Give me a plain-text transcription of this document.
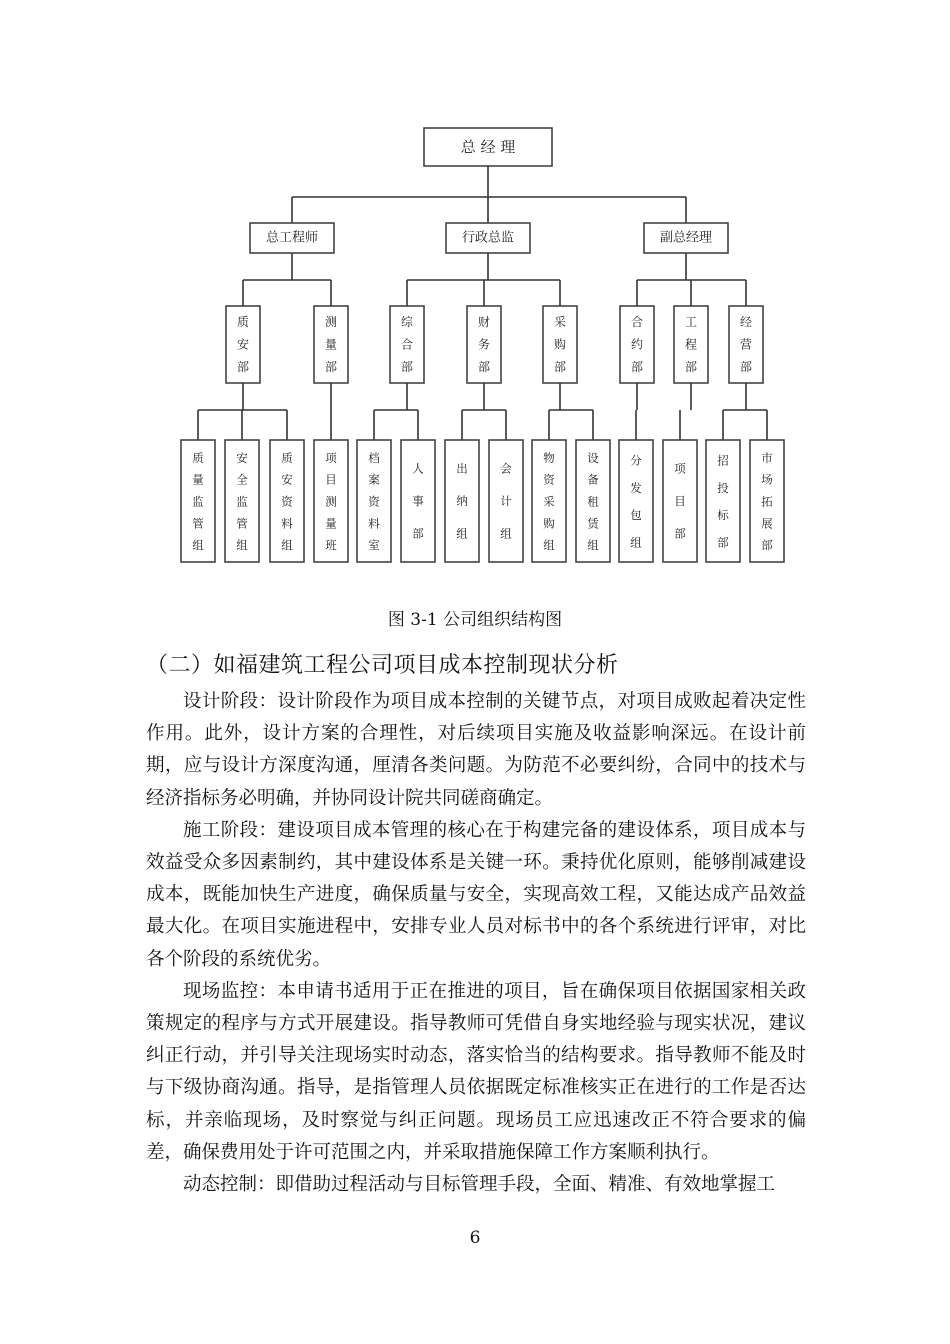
总 经 理
总工程师	行政总监	副总经理
质
安
部
测
量
部
综
合
部
财
务
部
采
购
部
合
约
部
工
程
部
经
营
部
质
量
监
管
组
安
全
监
管
组
质
安
资
料
组
项
目
测
量
班
档
案
资
料
室
人
事
部
出
纳
组
会
计
组
物
资
采
购
组
设
备
租
赁
组
分
发
包
组
项
目
部
招
投
标
部
市
场
拓
展
部
图 3-1 公司组织结构图
（二）如福建筑工程公司项目成本控制现状分析

设计阶段：设计阶段作为项目成本控制的关键节点，对项目成败起着决定性作用。此外，设计方案的合理性，对后续项目实施及收益影响深远。在设计前期，应与设计方深度沟通，厘清各类问题。为防范不必要纠纷，合同中的技术与经济指标务必明确，并协同设计院共同磋商确定。

施工阶段：建设项目成本管理的核心在于构建完备的建设体系，项目成本与效益受众多因素制约，其中建设体系是关键一环。秉持优化原则，能够削减建设成本，既能加快生产进度，确保质量与安全，实现高效工程，又能达成产品效益最大化。在项目实施进程中，安排专业人员对标书中的各个系统进行评审，对比各个阶段的系统优劣。

现场监控：本申请书适用于正在推进的项目，旨在确保项目依据国家相关政策规定的程序与方式开展建设。指导教师可凭借自身实地经验与现实状况，建议纠正行动，并引导关注现场实时动态，落实恰当的结构要求。指导教师不能及时与下级协商沟通。指导，是指管理人员依据既定标准核实正在进行的工作是否达标，并亲临现场，及时察觉与纠正问题。现场员工应迅速改正不符合要求的偏差，确保费用处于许可范围之内，并采取措施保障工作方案顺利执行。

动态控制：即借助过程活动与目标管理手段，全面、精准、有效地掌握工

6
